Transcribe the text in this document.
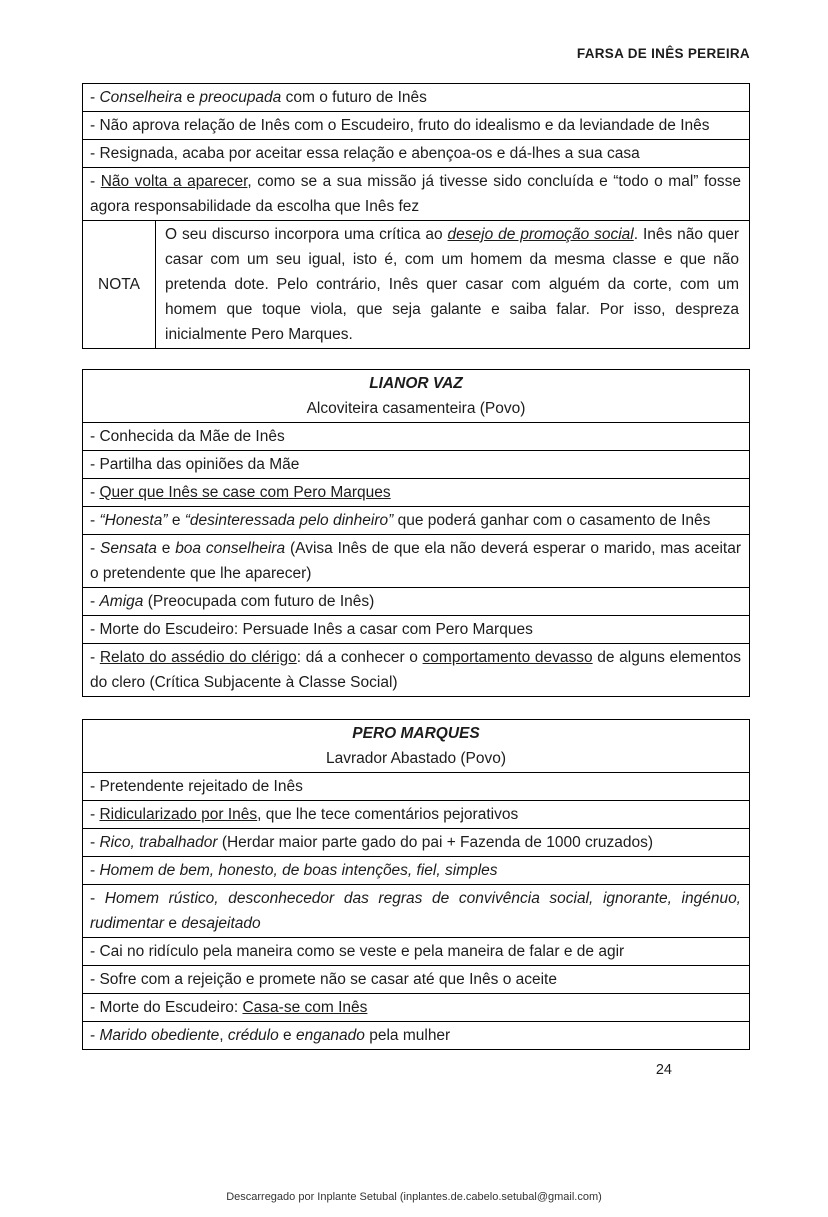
FARSA DE INÊS PEREIRA
- Conselheira e preocupada com o futuro de Inês
- Não aprova relação de Inês com o Escudeiro, fruto do idealismo e da leviandade de Inês
- Resignada, acaba por aceitar essa relação e abençoa-os e dá-lhes a sua casa
- Não volta a aparecer, como se a sua missão já tivesse sido concluída e “todo o mal” fosse agora responsabilidade da escolha que Inês fez
NOTA
O seu discurso incorpora uma crítica ao desejo de promoção social. Inês não quer casar com um seu igual, isto é, com um homem da mesma classe e que não pretenda dote. Pelo contrário, Inês quer casar com alguém da corte, com um homem que toque viola, que seja galante e saiba falar. Por isso, despreza inicialmente Pero Marques.
LIANOR VAZ
Alcoviteira casamenteira (Povo)
- Conhecida da Mãe de Inês
- Partilha das opiniões da Mãe
- Quer que Inês se case com Pero Marques
- “Honesta” e “desinteressada pelo dinheiro” que poderá ganhar com o casamento de Inês
- Sensata e boa conselheira (Avisa Inês de que ela não deverá esperar o marido, mas aceitar o pretendente que lhe aparecer)
- Amiga (Preocupada com futuro de Inês)
- Morte do Escudeiro: Persuade Inês a casar com Pero Marques
- Relato do assédio do clérigo: dá a conhecer o comportamento devasso de alguns elementos do clero (Crítica Subjacente à Classe Social)
PERO MARQUES
Lavrador Abastado (Povo)
- Pretendente rejeitado de Inês
- Ridicularizado por Inês, que lhe tece comentários pejorativos
- Rico, trabalhador (Herdar maior parte gado do pai + Fazenda de 1000 cruzados)
- Homem de bem, honesto, de boas intenções, fiel, simples
- Homem rústico, desconhecedor das regras de convivência social, ignorante, ingénuo, rudimentar e desajeitado
- Cai no ridículo pela maneira como se veste e pela maneira de falar e de agir
- Sofre com a rejeição e promete não se casar até que Inês o aceite
- Morte do Escudeiro: Casa-se com Inês
- Marido obediente, crédulo e enganado pela mulher
24
Descarregado por Inplante Setubal (inplantes.de.cabelo.setubal@gmail.com)
